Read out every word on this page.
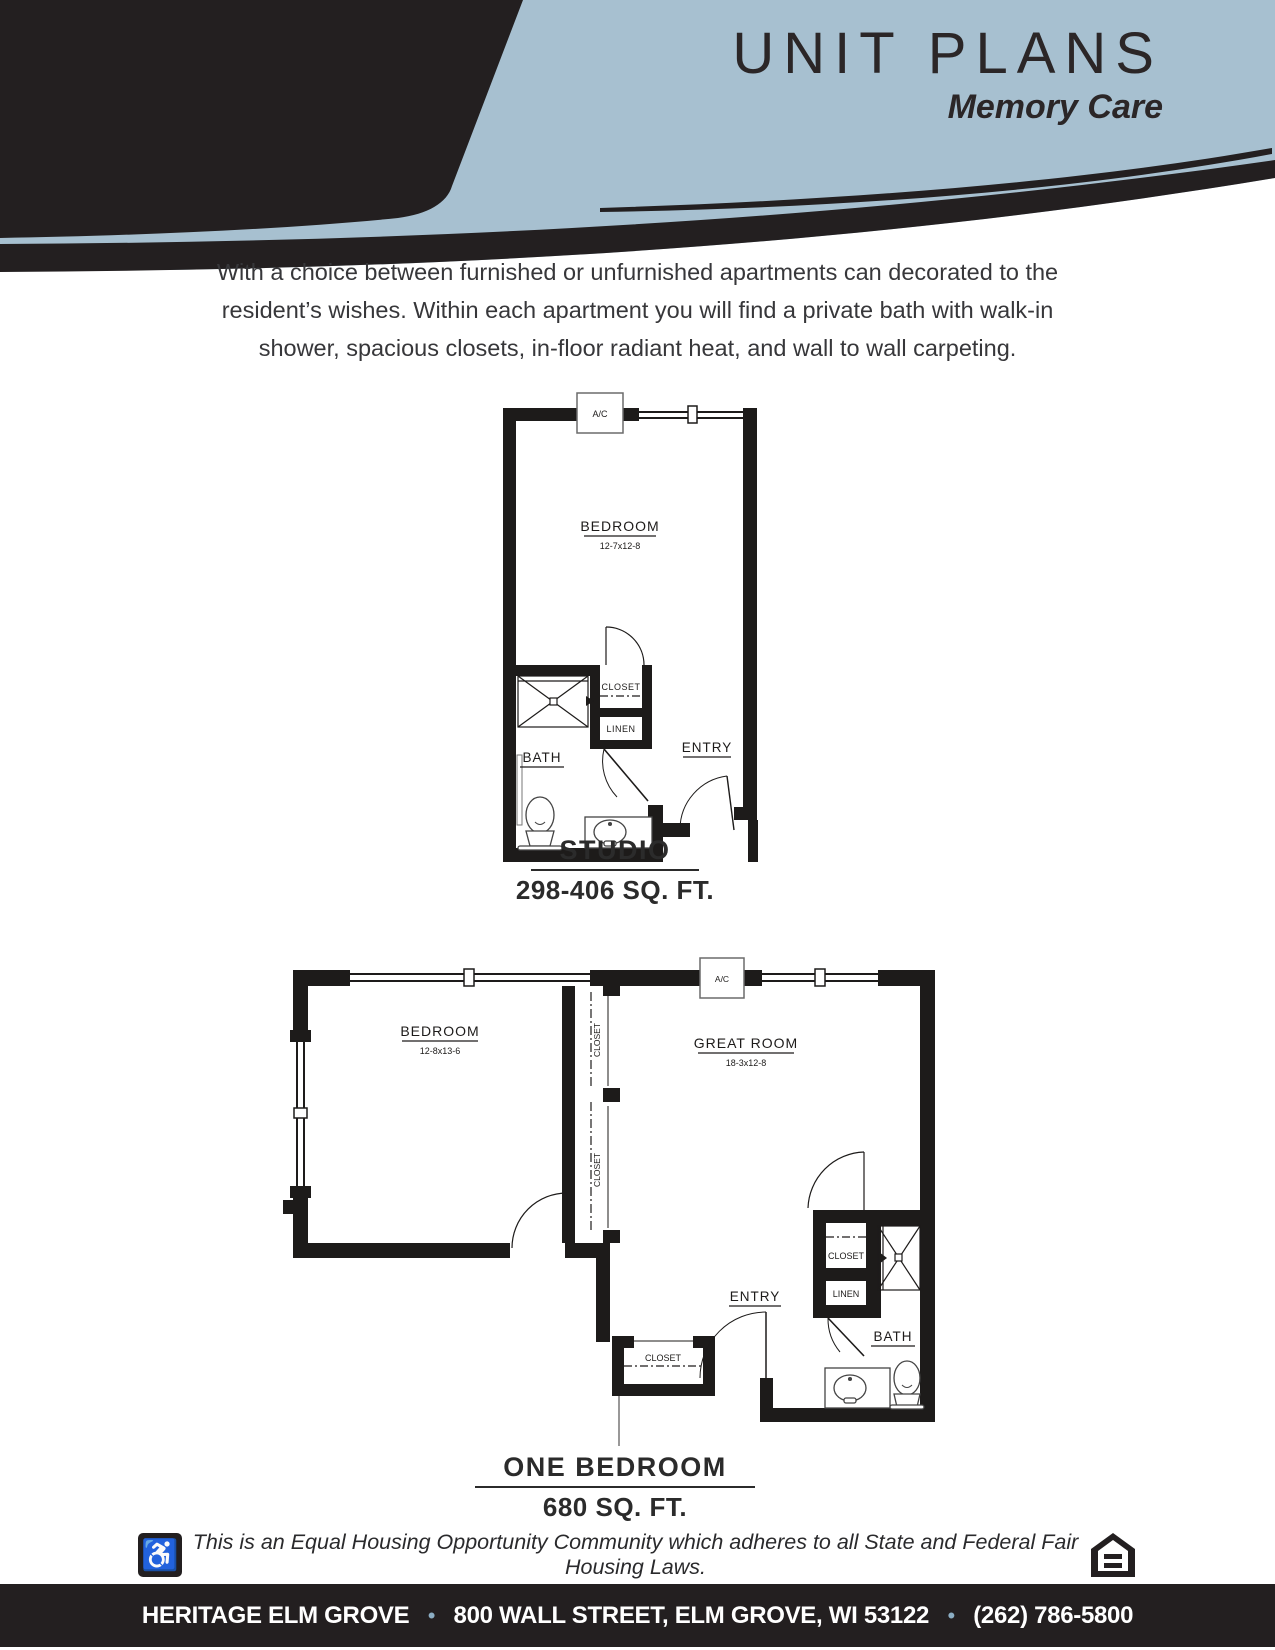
UNIT PLANS
Memory Care
With a choice between furnished or unfurnished apartments can decorated to the
resident’s wishes. Within each apartment you will find a private bath with walk-in
shower, spacious closets, in-floor radiant heat, and wall to wall carpeting.
A/C
CLOSET
LINEN
BEDROOM
12-7x12-8
BATH
ENTRY
STUDIO
298-406 SQ. FT.
A/C
CLOSET
CLOSET
CLOSET
CLOSET
LINEN
BEDROOM
12-8x13-6	GREAT ROOM
18-3x12-8
ENTRY
BATH
ONE BEDROOM
680 SQ. FT.
♿ This is an Equal Housing Opportunity Community which adheres to all State and Federal Fair Housing Laws.
HERITAGE ELM GROVE • 800 WALL STREET, ELM GROVE, WI 53122 • (262) 786-5800
